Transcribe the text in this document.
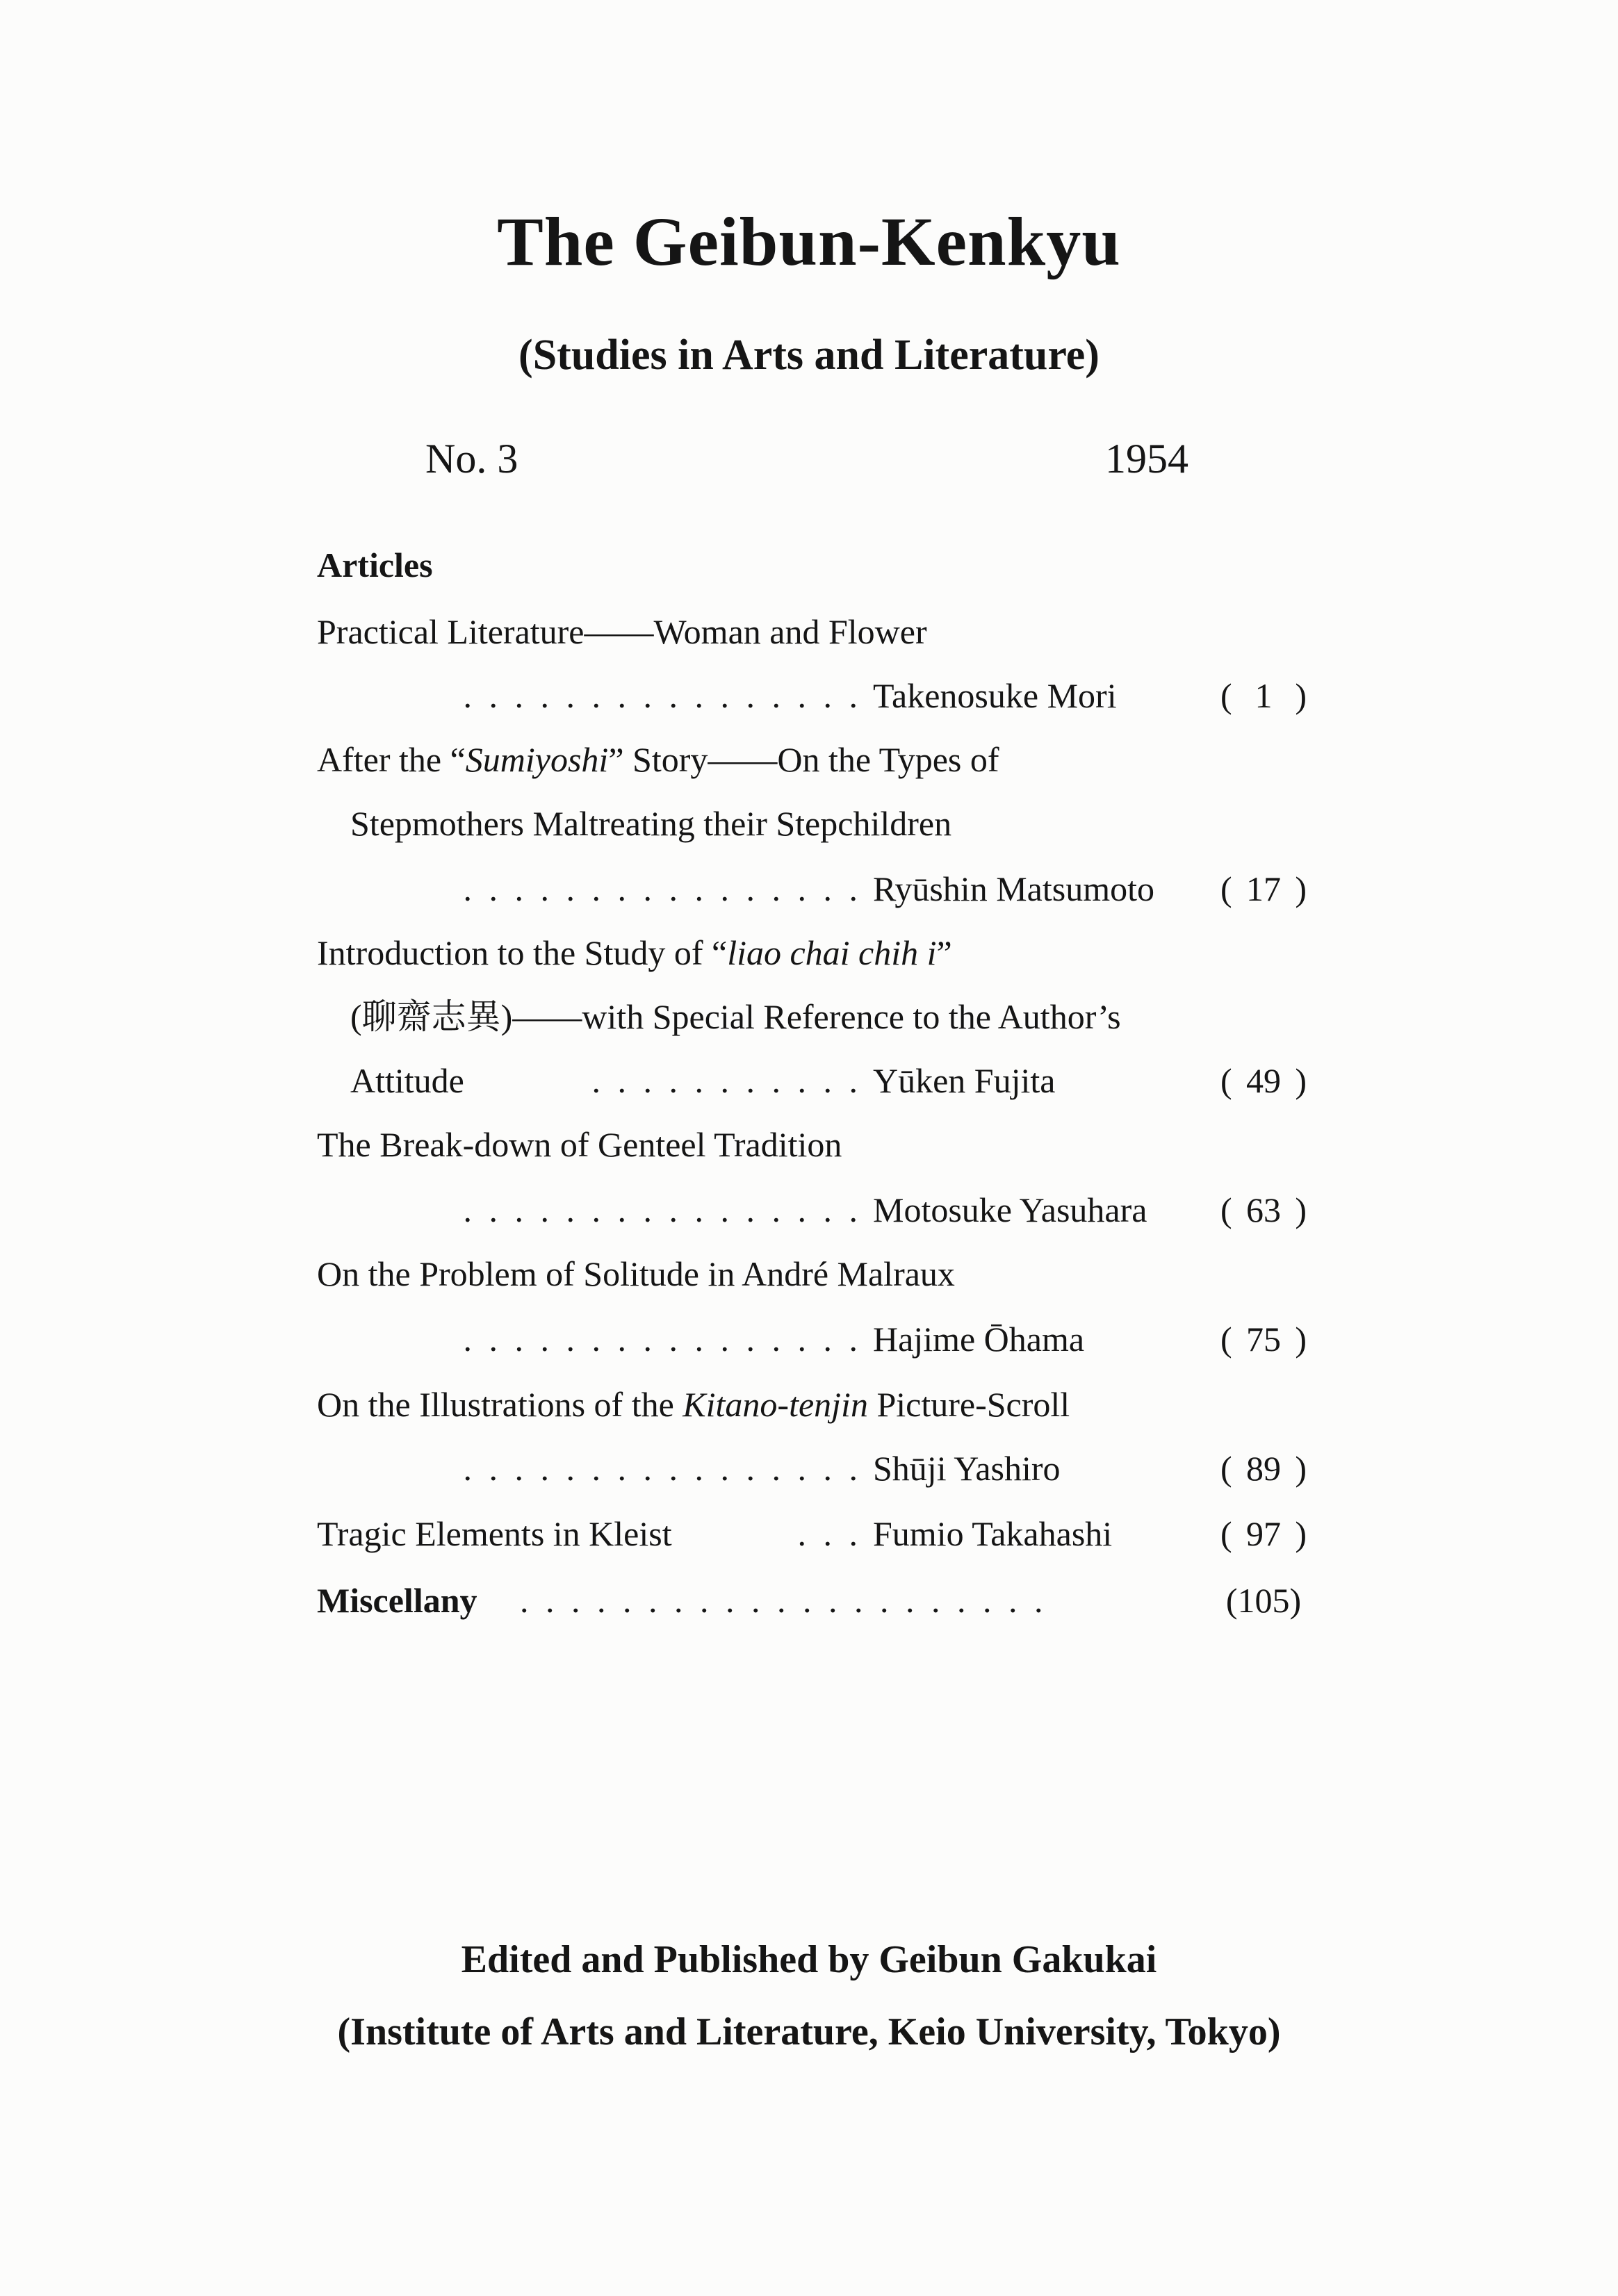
The Geibun-Kenkyu
(Studies in Arts and Literature)
No. 3	1954
Articles
Practical Literature——Woman and Flower
. . . . . . . . . . . . . . . . Takenosuke Mori	( 1 )
After the “Sumiyoshi” Story——On the Types of
Stepmothers Maltreating their Stepchildren
. . . . . . . . . . . . . . . . Ryūshin Matsumoto ( 17 )
Introduction to the Study of “liao chai chih i”
(聊齋志異)——with Special Reference to the Author’s
Attitude	. . . . . . . . . . . Yūken Fujita	( 49 )
The Break-down of Genteel Tradition
. . . . . . . . . . . . . . . . Motosuke Yasuhara ( 63 )
On the Problem of Solitude in André Malraux
. . . . . . . . . . . . . . . . Hajime Ōhama	( 75 )
On the Illustrations of the Kitano-tenjin Picture-Scroll
. . . . . . . . . . . . . . . . Shūji Yashiro	( 89 )
Tragic Elements in Kleist	. . . Fumio Takahashi	( 97 )
Miscellany . . . . . . . . . . . . . . . . . . . . .	(105)
Edited and Published by Geibun Gakukai
(Institute of Arts and Literature, Keio University, Tokyo)
